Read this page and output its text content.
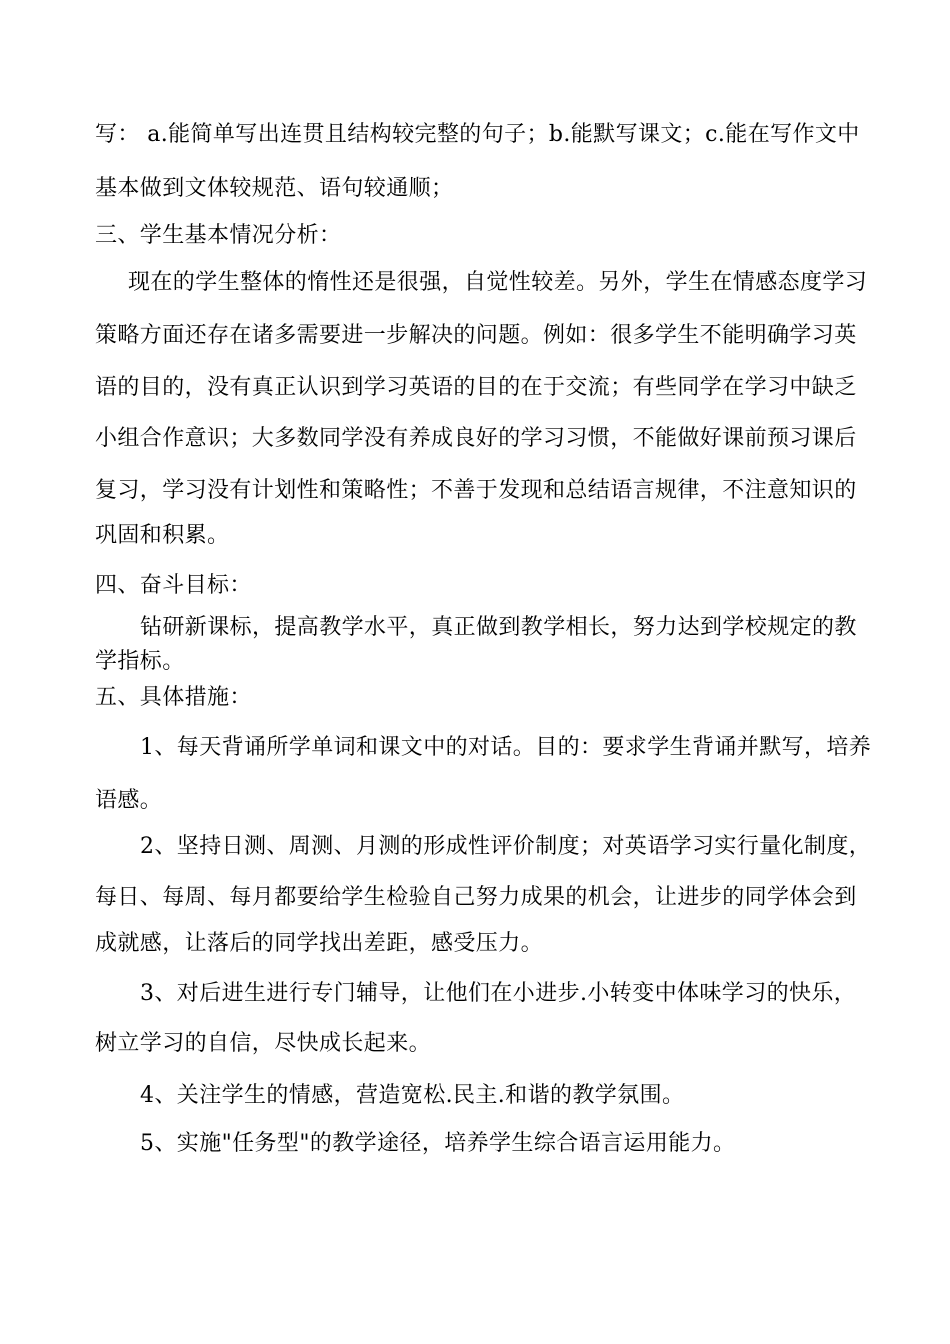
写： a.能简单写出连贯且结构较完整的句子；b.能默写课文；c.能在写作文中
基本做到文体较规范、语句较通顺；
三、学生基本情况分析：
现在的学生整体的惰性还是很强，自觉性较差。另外，学生在情感态度学习
策略方面还存在诸多需要进一步解决的问题。例如：很多学生不能明确学习英
语的目的，没有真正认识到学习英语的目的在于交流；有些同学在学习中缺乏
小组合作意识；大多数同学没有养成良好的学习习惯，不能做好课前预习课后
复习，学习没有计划性和策略性；不善于发现和总结语言规律，不注意知识的
巩固和积累。
四、奋斗目标：
钻研新课标，提高教学水平，真正做到教学相长，努力达到学校规定的教
学指标。
五、具体措施：
1、每天背诵所学单词和课文中的对话。目的：要求学生背诵并默写，培养
语感。
2、坚持日测、周测、月测的形成性评价制度；对英语学习实行量化制度，
每日、每周、每月都要给学生检验自己努力成果的机会，让进步的同学体会到
成就感，让落后的同学找出差距，感受压力。
3、对后进生进行专门辅导，让他们在小进步.小转变中体味学习的快乐，
树立学习的自信，尽快成长起来。
4、关注学生的情感，营造宽松.民主.和谐的教学氛围。
5、实施"任务型"的教学途径，培养学生综合语言运用能力。
